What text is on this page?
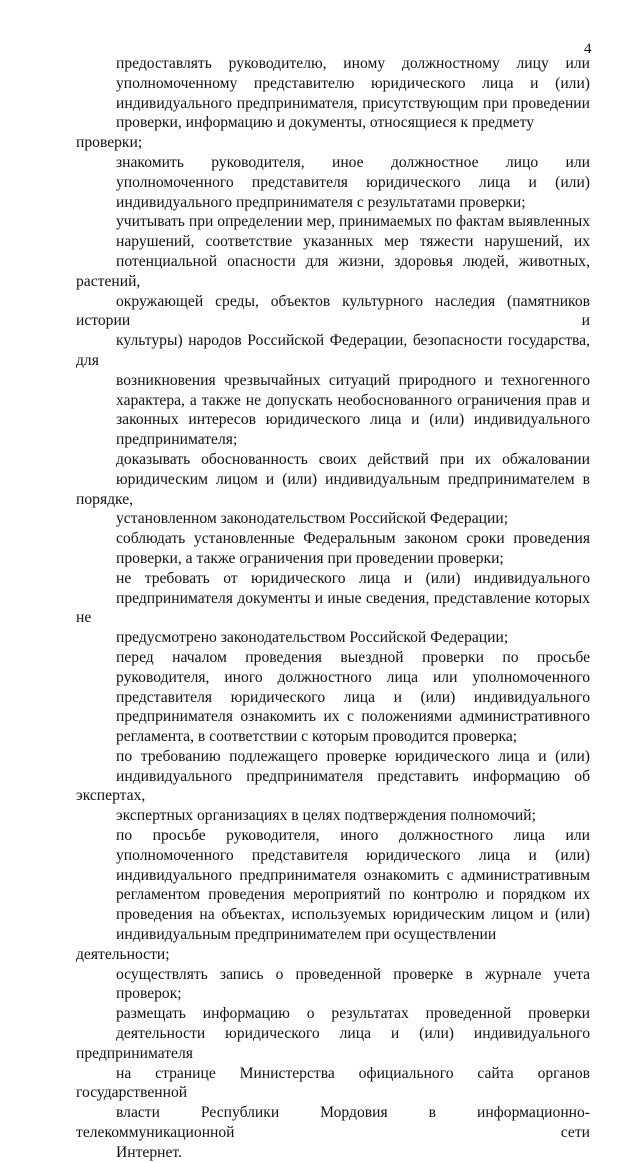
4

предоставлять руководителю, иному должностному лицу или
уполномоченному представителю юридического лица и (или)
индивидуального предпринимателя, присутствующим при проведении
проверки, информацию и документы, относящиеся к предмету проверки;

знакомить руководителя, иное должностное лицо или
уполномоченного представителя юридического лица и (или)
индивидуального предпринимателя с результатами проверки;

учитывать при определении мер, принимаемых по фактам выявленных
нарушений, соответствие указанных мер тяжести нарушений, их
потенциальной опасности для жизни, здоровья людей, животных, растений,
окружающей среды, объектов культурного наследия (памятников истории и
культуры) народов Российской Федерации, безопасности государства, для
возникновения чрезвычайных ситуаций природного и техногенного
характера, а также не допускать необоснованного ограничения прав и
законных интересов юридического лица и (или) индивидуального
предпринимателя;

доказывать обоснованность своих действий при их обжаловании
юридическим лицом и (или) индивидуальным предпринимателем в порядке,
установленном законодательством Российской Федерации;

соблюдать установленные Федеральным законом сроки проведения
проверки, а также ограничения при проведении проверки;

не требовать от юридического лица и (или) индивидуального
предпринимателя документы и иные сведения, представление которых не
предусмотрено законодательством Российской Федерации;

перед началом проведения выездной проверки по просьбе
руководителя, иного должностного лица или уполномоченного
представителя юридического лица и (или) индивидуального
предпринимателя ознакомить их с положениями административного
регламента, в соответствии с которым проводится проверка;

по требованию подлежащего проверке юридического лица и (или)
индивидуального предпринимателя представить информацию об экспертах,
экспертных организациях в целях подтверждения полномочий;

по просьбе руководителя, иного должностного лица или
уполномоченного представителя юридического лица и (или)
индивидуального предпринимателя ознакомить с административным
регламентом проведения мероприятий по контролю и порядком их
проведения на объектах, используемых юридическим лицом и (или)
индивидуальным предпринимателем при осуществлении деятельности;

осуществлять запись о проведенной проверке в журнале учета
проверок;

размещать информацию о результатах проведенной проверки
деятельности юридического лица и (или) индивидуального предпринимателя
на странице Министерства официального сайта органов государственной
власти Республики Мордовия в информационно-телекоммуникационной сети
Интернет.
